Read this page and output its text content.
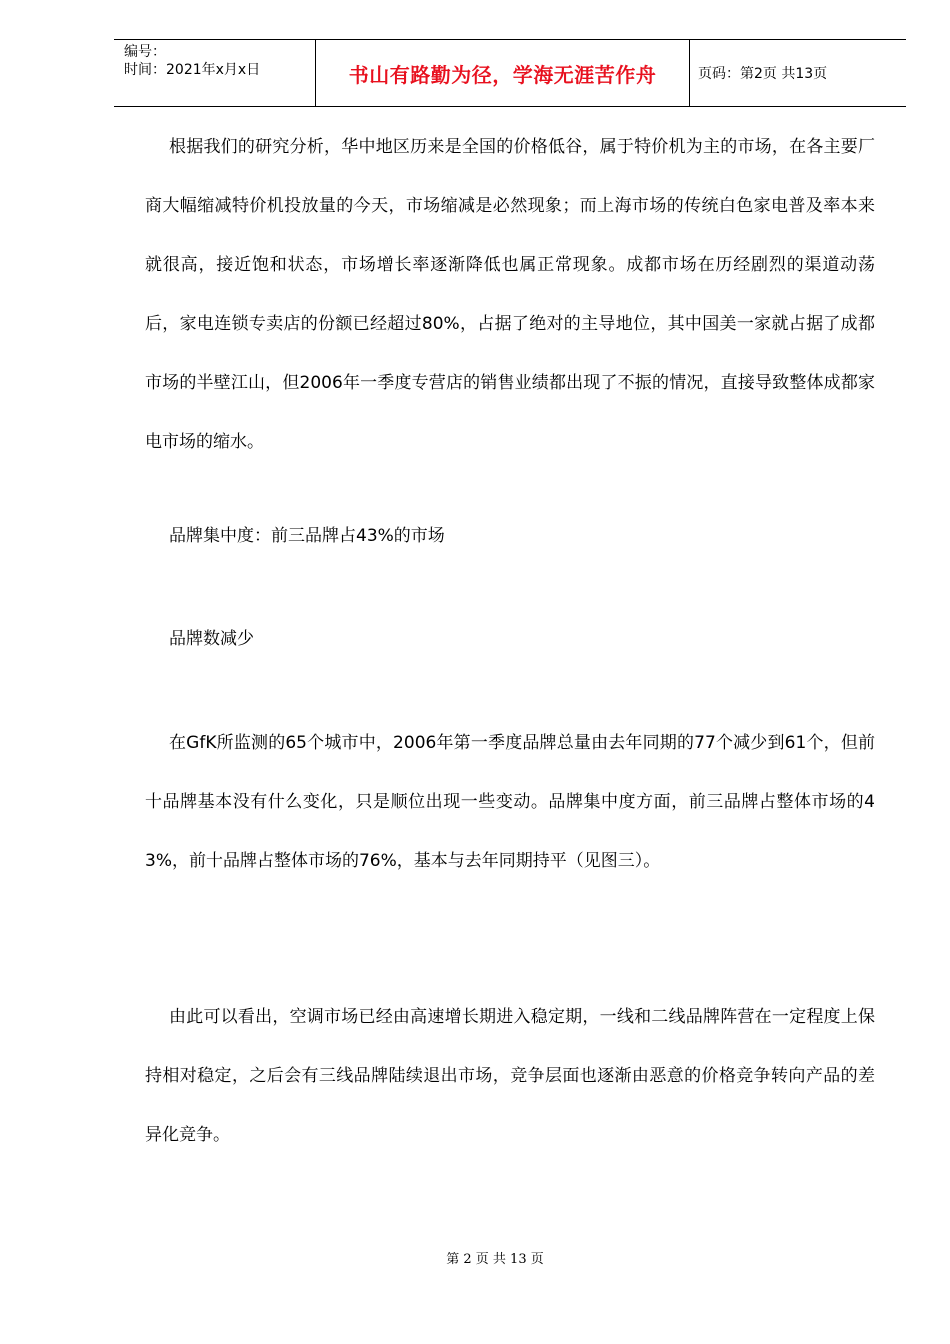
编号：
时间：2021年x月x日	书山有路勤为径，学海无涯苦作舟	页码：第2页 共13页

根据我们的研究分析，华中地区历来是全国的价格低谷，属于特价机为主的市场，在各主要厂商大幅缩减特价机投放量的今天，市场缩减是必然现象；而上海市场的传统白色家电普及率本来就很高，接近饱和状态，市场增长率逐渐降低也属正常现象。成都市场在历经剧烈的渠道动荡后，家电连锁专卖店的份额已经超过80%，占据了绝对的主导地位，其中国美一家就占据了成都市场的半壁江山，但2006年一季度专营店的销售业绩都出现了不振的情况，直接导致整体成都家电市场的缩水。

品牌集中度：前三品牌占43%的市场

品牌数减少

在GfK所监测的65个城市中，2006年第一季度品牌总量由去年同期的77个减少到61个，但前十品牌基本没有什么变化，只是顺位出现一些变动。品牌集中度方面，前三品牌占整体市场的43%，前十品牌占整体市场的76%，基本与去年同期持平（见图三）。

由此可以看出，空调市场已经由高速增长期进入稳定期，一线和二线品牌阵营在一定程度上保持相对稳定，之后会有三线品牌陆续退出市场，竞争层面也逐渐由恶意的价格竞争转向产品的差异化竞争。

第 2 页 共 13 页
